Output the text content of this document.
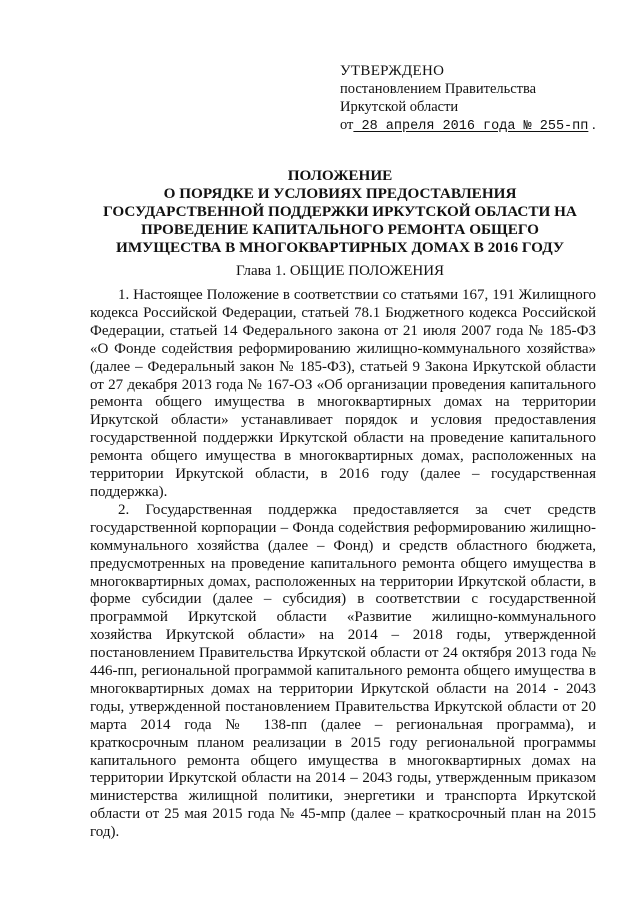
УТВЕРЖДЕНО
постановлением Правительства
Иркутской области
от 28 апреля 2016 года № 255-пп .
ПОЛОЖЕНИЕ
О ПОРЯДКЕ И УСЛОВИЯХ ПРЕДОСТАВЛЕНИЯ
ГОСУДАРСТВЕННОЙ ПОДДЕРЖКИ ИРКУТСКОЙ ОБЛАСТИ НА
ПРОВЕДЕНИЕ КАПИТАЛЬНОГО РЕМОНТА ОБЩЕГО
ИМУЩЕСТВА В МНОГОКВАРТИРНЫХ ДОМАХ В 2016 ГОДУ
Глава 1. ОБЩИЕ ПОЛОЖЕНИЯ

1. Настоящее Положение в соответствии со статьями 167, 191 Жилищного кодекса Российской Федерации, статьей 78.1 Бюджетного кодекса Российской Федерации, статьей 14 Федерального закона от 21 июля 2007 года № 185-ФЗ «О Фонде содействия реформированию жилищно-коммунального хозяйства» (далее – Федеральный закон № 185-ФЗ), статьей 9 Закона Иркутской области от 27 декабря 2013 года № 167-ОЗ «Об организации проведения капитального ремонта общего имущества в многоквартирных домах на территории Иркутской области» устанавливает порядок и условия предоставления государственной поддержки Иркутской области на проведение капитального ремонта общего имущества в многоквартирных домах, расположенных на территории Иркутской области, в 2016 году (далее – государственная поддержка).

2. Государственная поддержка предоставляется за счет средств государственной корпорации – Фонда содействия реформированию жилищно-коммунального хозяйства (далее – Фонд) и средств областного бюджета, предусмотренных на проведение капитального ремонта общего имущества в многоквартирных домах, расположенных на территории Иркутской области, в форме субсидии (далее – субсидия) в соответствии с государственной программой Иркутской области «Развитие жилищно-коммунального хозяйства Иркутской области» на 2014 – 2018 годы, утвержденной постановлением Правительства Иркутской области от 24 октября 2013 года № 446-пп, региональной программой капитального ремонта общего имущества в многоквартирных домах на территории Иркутской области на 2014 - 2043 годы, утвержденной постановлением Правительства Иркутской области от 20 марта 2014 года № 138-пп (далее – региональная программа), и краткосрочным планом реализации в 2015 году региональной программы капитального ремонта общего имущества в многоквартирных домах на территории Иркутской области на 2014 – 2043 годы, утвержденным приказом министерства жилищной политики, энергетики и транспорта Иркутской области от 25 мая 2015 года № 45-мпр (далее – краткосрочный план на 2015 год).
